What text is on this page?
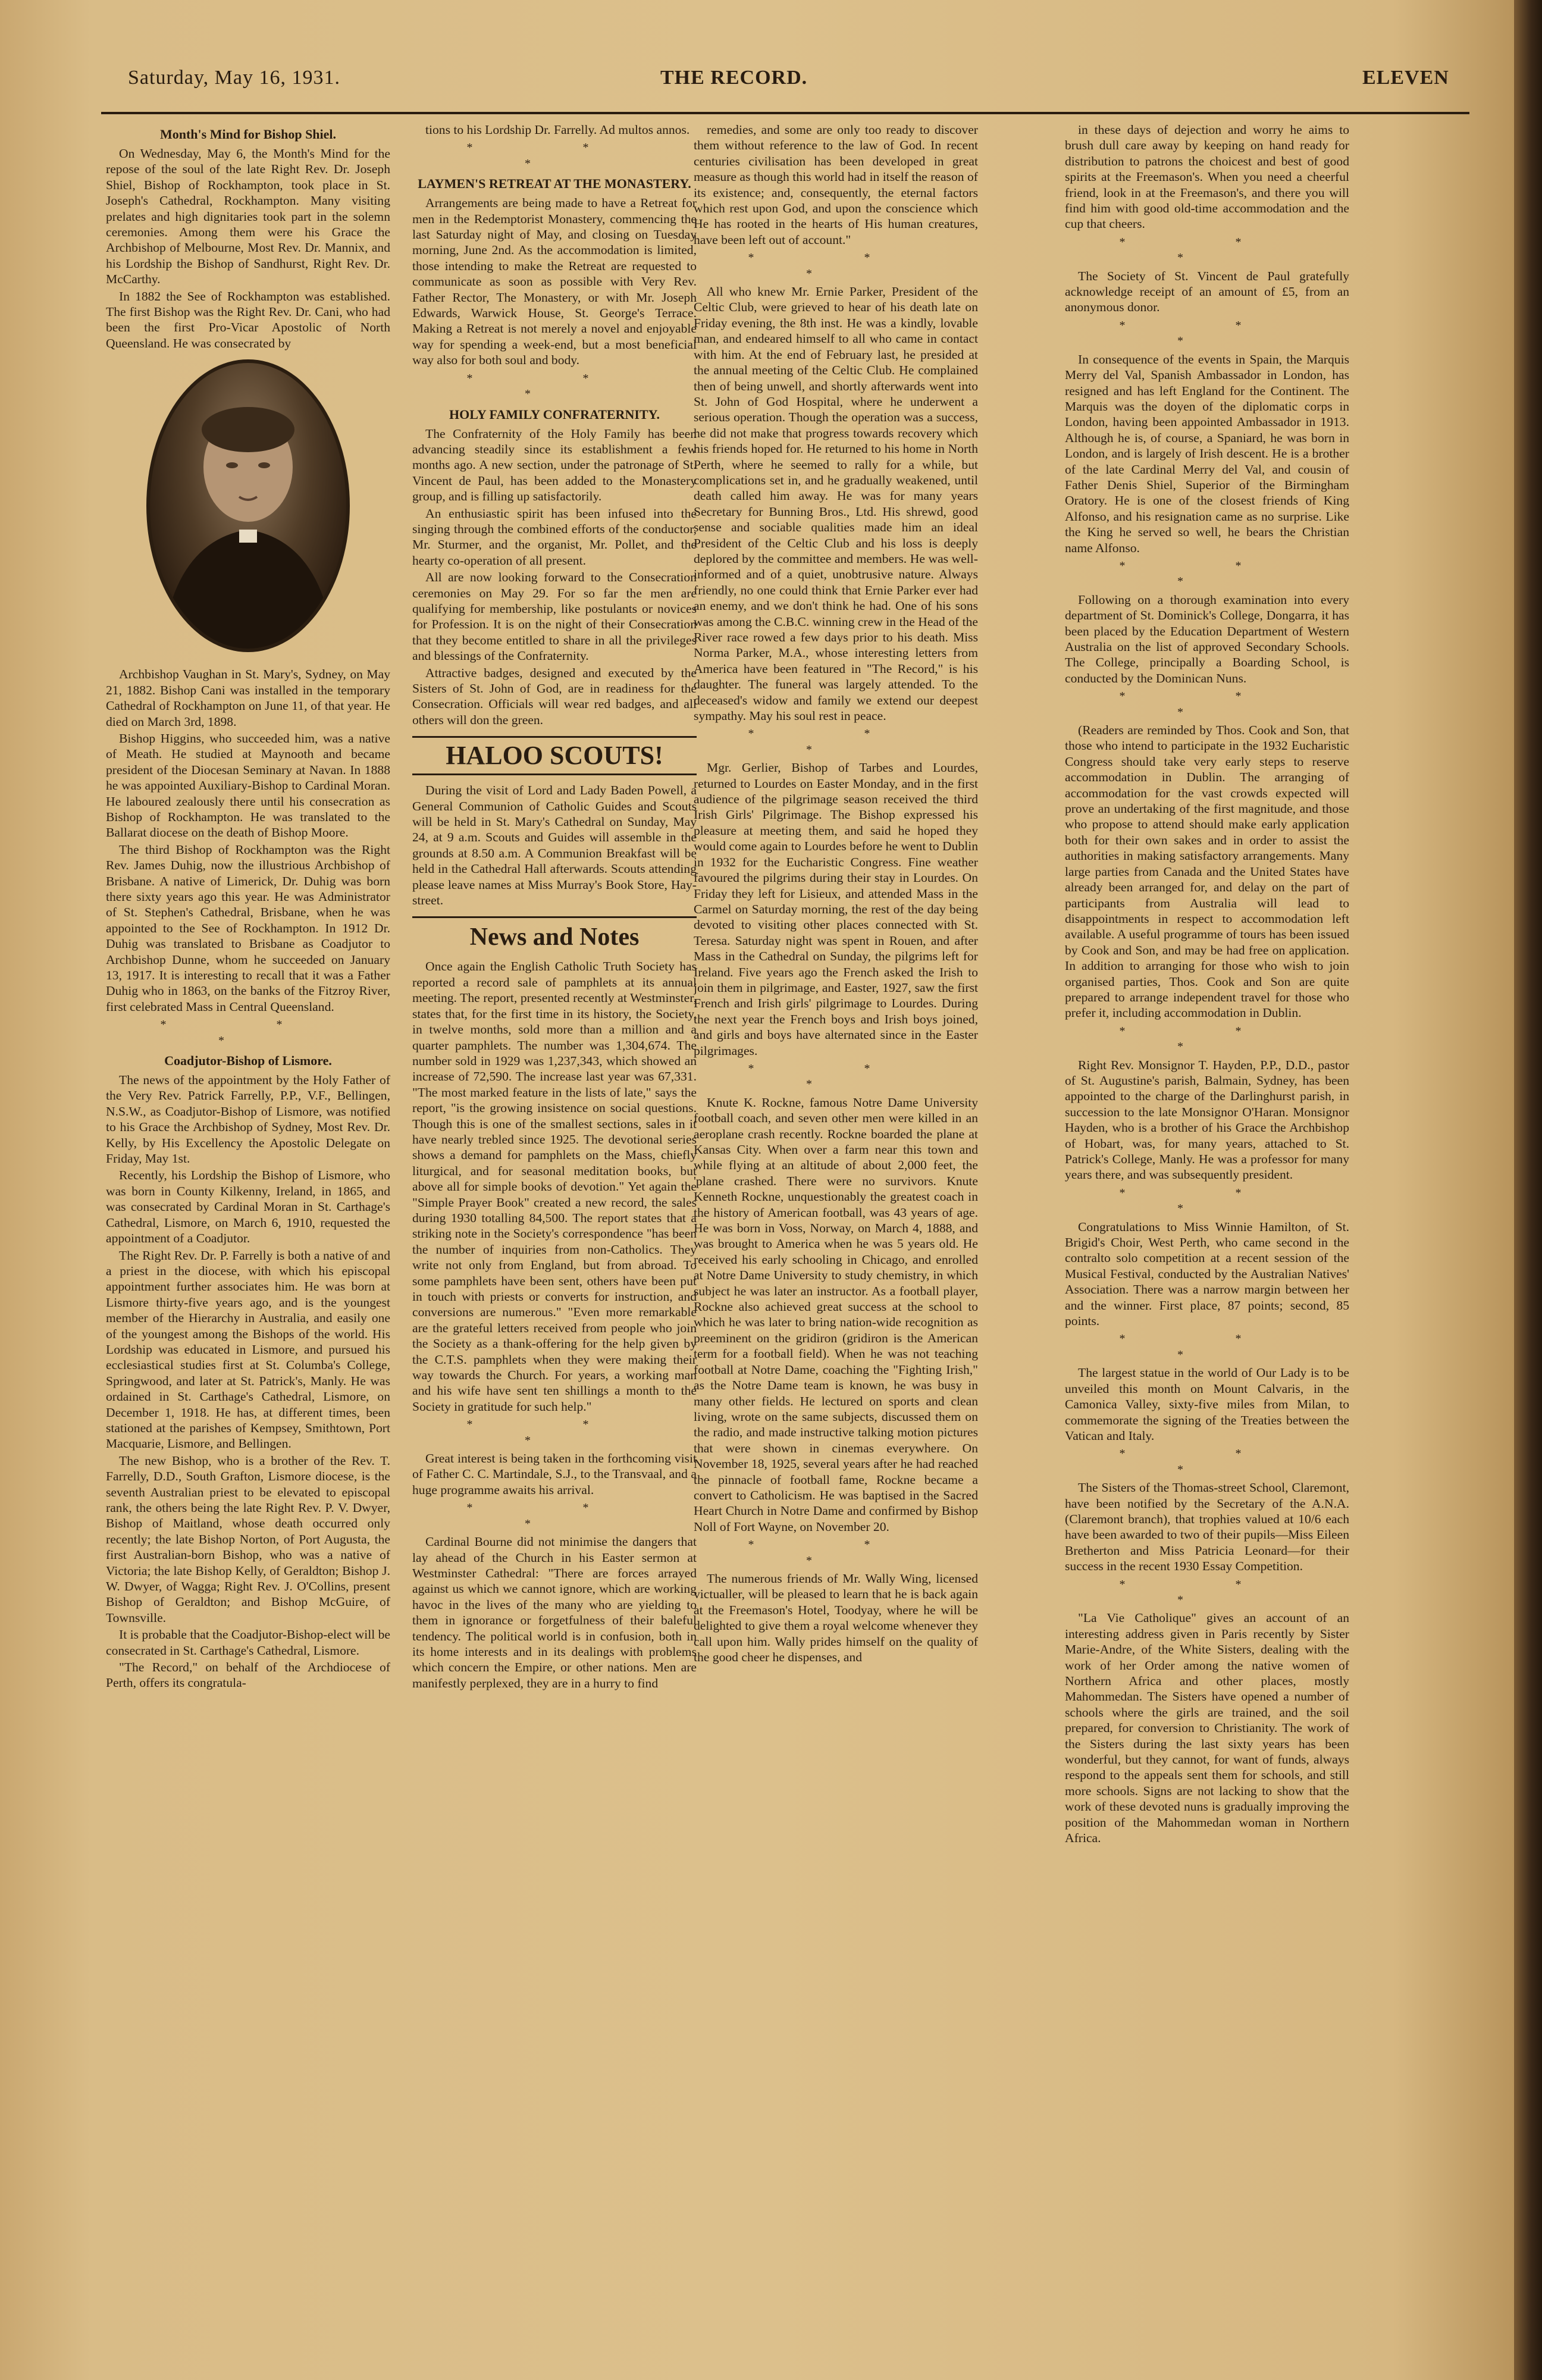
Saturday, May 16, 1931.	THE RECORD.	ELEVEN
Month's Mind for Bishop Shiel.

On Wednesday, May 6, the Month's Mind for the repose of the soul of the late Right Rev. Dr. Joseph Shiel, Bishop of Rockhampton, took place in St. Joseph's Cathedral, Rockhampton. Many visiting prelates and high dignitaries took part in the solemn ceremonies. Among them were his Grace the Archbishop of Melbourne, Most Rev. Dr. Mannix, and his Lordship the Bishop of Sandhurst, Right Rev. Dr. McCarthy.

In 1882 the See of Rockhampton was established. The first Bishop was the Right Rev. Dr. Cani, who had been the first Pro-Vicar Apostolic of North Queensland. He was consecrated by

Archbishop Vaughan in St. Mary's, Sydney, on May 21, 1882. Bishop Cani was installed in the temporary Cathedral of Rockhampton on June 11, of that year. He died on March 3rd, 1898.

Bishop Higgins, who succeeded him, was a native of Meath. He studied at Maynooth and became president of the Diocesan Seminary at Navan. In 1888 he was appointed Auxiliary-Bishop to Cardinal Moran. He laboured zealously there until his consecration as Bishop of Rockhampton. He was translated to the Ballarat diocese on the death of Bishop Moore.

The third Bishop of Rockhampton was the Right Rev. James Duhig, now the illustrious Archbishop of Brisbane. A native of Limerick, Dr. Duhig was born there sixty years ago this year. He was Administrator of St. Stephen's Cathedral, Brisbane, when he was appointed to the See of Rockhampton. In 1912 Dr. Duhig was translated to Brisbane as Coadjutor to Archbishop Dunne, whom he succeeded on January 13, 1917. It is interesting to recall that it was a Father Duhig who in 1863, on the banks of the Fitzroy River, first celebrated Mass in Central Queensland.

* * *
Coadjutor-Bishop of Lismore.

The news of the appointment by the Holy Father of the Very Rev. Patrick Farrelly, P.P., V.F., Bellingen, N.S.W., as Coadjutor-Bishop of Lismore, was notified to his Grace the Archbishop of Sydney, Most Rev. Dr. Kelly, by His Excellency the Apostolic Delegate on Friday, May 1st.

Recently, his Lordship the Bishop of Lismore, who was born in County Kilkenny, Ireland, in 1865, and was consecrated by Cardinal Moran in St. Carthage's Cathedral, Lismore, on March 6, 1910, requested the appointment of a Coadjutor.

The Right Rev. Dr. P. Farrelly is both a native of and a priest in the diocese, with which his episcopal appointment further associates him. He was born at Lismore thirty-five years ago, and is the youngest member of the Hierarchy in Australia, and easily one of the youngest among the Bishops of the world. His Lordship was educated in Lismore, and pursued his ecclesiastical studies first at St. Columba's College, Springwood, and later at St. Patrick's, Manly. He was ordained in St. Carthage's Cathedral, Lismore, on December 1, 1918. He has, at different times, been stationed at the parishes of Kempsey, Smithtown, Port Macquarie, Lismore, and Bellingen.

The new Bishop, who is a brother of the Rev. T. Farrelly, D.D., South Grafton, Lismore diocese, is the seventh Australian priest to be elevated to episcopal rank, the others being the late Right Rev. P. V. Dwyer, Bishop of Maitland, whose death occurred only recently; the late Bishop Norton, of Port Augusta, the first Australian-born Bishop, who was a native of Victoria; the late Bishop Kelly, of Geraldton; Bishop J. W. Dwyer, of Wagga; Right Rev. J. O'Collins, present Bishop of Geraldton; and Bishop McGuire, of Townsville.

It is probable that the Coadjutor-Bishop-elect will be consecrated in St. Carthage's Cathedral, Lismore.

"The Record," on behalf of the Archdiocese of Perth, offers its congratula-

tions to his Lordship Dr. Farrelly. Ad multos annos.

* * *
LAYMEN'S RETREAT AT THE MONASTERY.

Arrangements are being made to have a Retreat for men in the Redemptorist Monastery, commencing the last Saturday night of May, and closing on Tuesday morning, June 2nd. As the accommodation is limited, those intending to make the Retreat are requested to communicate as soon as possible with Very Rev. Father Rector, The Monastery, or with Mr. Joseph Edwards, Warwick House, St. George's Terrace. Making a Retreat is not merely a novel and enjoyable way for spending a week-end, but a most beneficial way also for both soul and body.

* * *
HOLY FAMILY CONFRATERNITY.

The Confraternity of the Holy Family has been advancing steadily since its establishment a few months ago. A new section, under the patronage of St. Vincent de Paul, has been added to the Monastery group, and is filling up satisfactorily.

An enthusiastic spirit has been infused into the singing through the combined efforts of the conductor, Mr. Sturmer, and the organist, Mr. Pollet, and the hearty co-operation of all present.

All are now looking forward to the Consecration ceremonies on May 29. For so far the men are qualifying for membership, like postulants or novices for Profession. It is on the night of their Consecration that they become entitled to share in all the privileges and blessings of the Confraternity.

Attractive badges, designed and executed by the Sisters of St. John of God, are in readiness for the Consecration. Officials will wear red badges, and all others will don the green.

HALOO SCOUTS!

During the visit of Lord and Lady Baden Powell, a General Communion of Catholic Guides and Scouts will be held in St. Mary's Cathedral on Sunday, May 24, at 9 a.m. Scouts and Guides will assemble in the grounds at 8.50 a.m. A Communion Breakfast will be held in the Cathedral Hall afterwards. Scouts attending please leave names at Miss Murray's Book Store, Hay-street.

News and Notes

Once again the English Catholic Truth Society has reported a record sale of pamphlets at its annual meeting. The report, presented recently at Westminster, states that, for the first time in its history, the Society, in twelve months, sold more than a million and a quarter pamphlets. The number was 1,304,674. The number sold in 1929 was 1,237,343, which showed an increase of 72,590. The increase last year was 67,331. "The most marked feature in the lists of late," says the report, "is the growing insistence on social questions. Though this is one of the smallest sections, sales in it have nearly trebled since 1925. The devotional series shows a demand for pamphlets on the Mass, chiefly liturgical, and for seasonal meditation books, but above all for simple books of devotion." Yet again the "Simple Prayer Book" created a new record, the sales during 1930 totalling 84,500. The report states that a striking note in the Society's correspondence "has been the number of inquiries from non-Catholics. They write not only from England, but from abroad. To some pamphlets have been sent, others have been put in touch with priests or converts for instruction, and conversions are numerous." "Even more remarkable are the grateful letters received from people who join the Society as a thank-offering for the help given by the C.T.S. pamphlets when they were making their way towards the Church. For years, a working man and his wife have sent ten shillings a month to the Society in gratitude for such help."

* * *

Great interest is being taken in the forthcoming visit of Father C. C. Martindale, S.J., to the Transvaal, and a huge programme awaits his arrival.

* * *

Cardinal Bourne did not minimise the dangers that lay ahead of the Church in his Easter sermon at Westminster Cathedral: "There are forces arrayed against us which we cannot ignore, which are working havoc in the lives of the many who are yielding to them in ignorance or forgetfulness of their baleful tendency. The political world is in confusion, both in its home interests and in its dealings with problems which concern the Empire, or other nations. Men are manifestly perplexed, they are in a hurry to find

remedies, and some are only too ready to discover them without reference to the law of God. In recent centuries civilisation has been developed in great measure as though this world had in itself the reason of its existence; and, consequently, the eternal factors which rest upon God, and upon the conscience which He has rooted in the hearts of His human creatures, have been left out of account."

* * *

All who knew Mr. Ernie Parker, President of the Celtic Club, were grieved to hear of his death late on Friday evening, the 8th inst. He was a kindly, lovable man, and endeared himself to all who came in contact with him. At the end of February last, he presided at the annual meeting of the Celtic Club. He complained then of being unwell, and shortly afterwards went into St. John of God Hospital, where he underwent a serious operation. Though the operation was a success, he did not make that progress towards recovery which his friends hoped for. He returned to his home in North Perth, where he seemed to rally for a while, but complications set in, and he gradually weakened, until death called him away. He was for many years Secretary for Bunning Bros., Ltd. His shrewd, good sense and sociable qualities made him an ideal President of the Celtic Club and his loss is deeply deplored by the committee and members. He was well-informed and of a quiet, unobtrusive nature. Always friendly, no one could think that Ernie Parker ever had an enemy, and we don't think he had. One of his sons was among the C.B.C. winning crew in the Head of the River race rowed a few days prior to his death. Miss Norma Parker, M.A., whose interesting letters from America have been featured in "The Record," is his daughter. The funeral was largely attended. To the deceased's widow and family we extend our deepest sympathy. May his soul rest in peace.

* * *

Mgr. Gerlier, Bishop of Tarbes and Lourdes, returned to Lourdes on Easter Monday, and in the first audience of the pilgrimage season received the third Irish Girls' Pilgrimage. The Bishop expressed his pleasure at meeting them, and said he hoped they would come again to Lourdes before he went to Dublin in 1932 for the Eucharistic Congress. Fine weather favoured the pilgrims during their stay in Lourdes. On Friday they left for Lisieux, and attended Mass in the Carmel on Saturday morning, the rest of the day being devoted to visiting other places connected with St. Teresa. Saturday night was spent in Rouen, and after Mass in the Cathedral on Sunday, the pilgrims left for Ireland. Five years ago the French asked the Irish to join them in pilgrimage, and Easter, 1927, saw the first French and Irish girls' pilgrimage to Lourdes. During the next year the French boys and Irish boys joined, and girls and boys have alternated since in the Easter pilgrimages.

* * *

Knute K. Rockne, famous Notre Dame University football coach, and seven other men were killed in an aeroplane crash recently. Rockne boarded the plane at Kansas City. When over a farm near this town and while flying at an altitude of about 2,000 feet, the 'plane crashed. There were no survivors. Knute Kenneth Rockne, unquestionably the greatest coach in the history of American football, was 43 years of age. He was born in Voss, Norway, on March 4, 1888, and was brought to America when he was 5 years old. He received his early schooling in Chicago, and enrolled at Notre Dame University to study chemistry, in which subject he was later an instructor. As a football player, Rockne also achieved great success at the school to which he was later to bring nation-wide recognition as preeminent on the gridiron (gridiron is the American term for a football field). When he was not teaching football at Notre Dame, coaching the "Fighting Irish," as the Notre Dame team is known, he was busy in many other fields. He lectured on sports and clean living, wrote on the same subjects, discussed them on the radio, and made instructive talking motion pictures that were shown in cinemas everywhere. On November 18, 1925, several years after he had reached the pinnacle of football fame, Rockne became a convert to Catholicism. He was baptised in the Sacred Heart Church in Notre Dame and confirmed by Bishop Noll of Fort Wayne, on November 20.

* * *

The numerous friends of Mr. Wally Wing, licensed victualler, will be pleased to learn that he is back again at the Freemason's Hotel, Toodyay, where he will be delighted to give them a royal welcome whenever they call upon him. Wally prides himself on the quality of the good cheer he dispenses, and

in these days of dejection and worry he aims to brush dull care away by keeping on hand ready for distribution to patrons the choicest and best of good spirits at the Freemason's. When you need a cheerful friend, look in at the Freemason's, and there you will find him with good old-time accommodation and the cup that cheers.

* * *

The Society of St. Vincent de Paul gratefully acknowledge receipt of an amount of £5, from an anonymous donor.

* * *

In consequence of the events in Spain, the Marquis Merry del Val, Spanish Ambassador in London, has resigned and has left England for the Continent. The Marquis was the doyen of the diplomatic corps in London, having been appointed Ambassador in 1913. Although he is, of course, a Spaniard, he was born in London, and is largely of Irish descent. He is a brother of the late Cardinal Merry del Val, and cousin of Father Denis Shiel, Superior of the Birmingham Oratory. He is one of the closest friends of King Alfonso, and his resignation came as no surprise. Like the King he served so well, he bears the Christian name Alfonso.

* * *

Following on a thorough examination into every department of St. Dominick's College, Dongarra, it has been placed by the Education Department of Western Australia on the list of approved Secondary Schools. The College, principally a Boarding School, is conducted by the Dominican Nuns.

* * *

(Readers are reminded by Thos. Cook and Son, that those who intend to participate in the 1932 Eucharistic Congress should take very early steps to reserve accommodation in Dublin. The arranging of accommodation for the vast crowds expected will prove an undertaking of the first magnitude, and those who propose to attend should make early application both for their own sakes and in order to assist the authorities in making satisfactory arrangements. Many large parties from Canada and the United States have already been arranged for, and delay on the part of participants from Australia will lead to disappointments in respect to accommodation left available. A useful programme of tours has been issued by Cook and Son, and may be had free on application. In addition to arranging for those who wish to join organised parties, Thos. Cook and Son are quite prepared to arrange independent travel for those who prefer it, including accommodation in Dublin.

* * *

Right Rev. Monsignor T. Hayden, P.P., D.D., pastor of St. Augustine's parish, Balmain, Sydney, has been appointed to the charge of the Darlinghurst parish, in succession to the late Monsignor O'Haran. Monsignor Hayden, who is a brother of his Grace the Archbishop of Hobart, was, for many years, attached to St. Patrick's College, Manly. He was a professor for many years there, and was subsequently president.

* * *

Congratulations to Miss Winnie Hamilton, of St. Brigid's Choir, West Perth, who came second in the contralto solo competition at a recent session of the Musical Festival, conducted by the Australian Natives' Association. There was a narrow margin between her and the winner. First place, 87 points; second, 85 points.

* * *

The largest statue in the world of Our Lady is to be unveiled this month on Mount Calvaris, in the Camonica Valley, sixty-five miles from Milan, to commemorate the signing of the Treaties between the Vatican and Italy.

* * *

The Sisters of the Thomas-street School, Claremont, have been notified by the Secretary of the A.N.A. (Claremont branch), that trophies valued at 10/6 each have been awarded to two of their pupils—Miss Eileen Bretherton and Miss Patricia Leonard—for their success in the recent 1930 Essay Competition.

* * *

"La Vie Catholique" gives an account of an interesting address given in Paris recently by Sister Marie-Andre, of the White Sisters, dealing with the work of her Order among the native women of Northern Africa and other places, mostly Mahommedan. The Sisters have opened a number of schools where the girls are trained, and the soil prepared, for conversion to Christianity. The work of the Sisters during the last sixty years has been wonderful, but they cannot, for want of funds, always respond to the appeals sent them for schools, and still more schools. Signs are not lacking to show that the work of these devoted nuns is gradually improving the position of the Mahommedan woman in Northern Africa.
